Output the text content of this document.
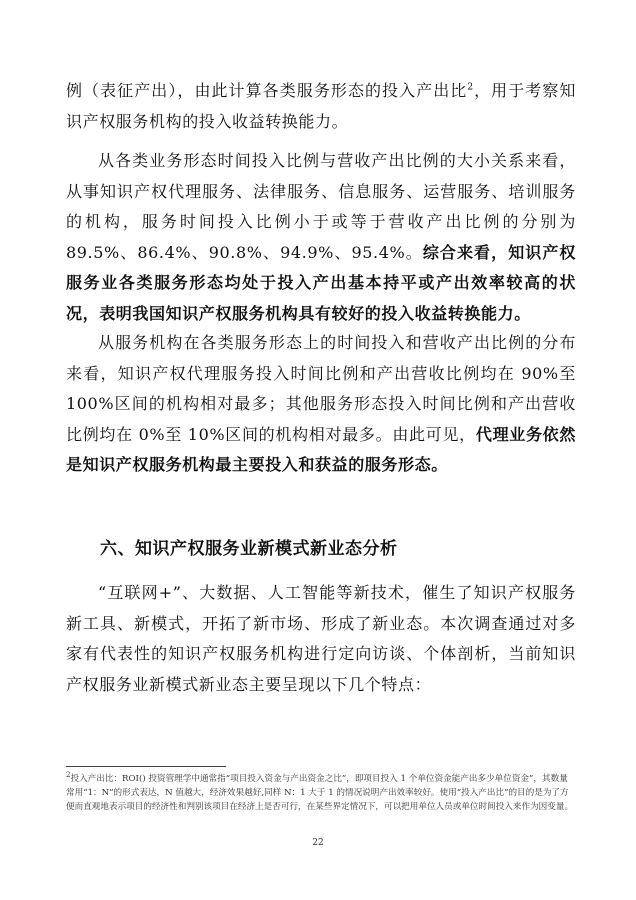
例（表征产出），由此计算各类服务形态的投入产出比$^2$，用于考察知识产权服务机构的投入收益转换能力。

从各类业务形态时间投入比例与营收产出比例的大小关系来看，从事知识产权代理服务、法律服务、信息服务、运营服务、培训服务的机构，服务时间投入比例小于或等于营收产出比例的分别为 89.5%、86.4%、90.8%、94.9%、95.4%。综合来看，知识产权服务业各类服务形态均处于投入产出基本持平或产出效率较高的状况，表明我国知识产权服务机构具有较好的投入收益转换能力。

从服务机构在各类服务形态上的时间投入和营收产出比例的分布来看，知识产权代理服务投入时间比例和产出营收比例均在 90%至 100%区间的机构相对最多；其他服务形态投入时间比例和产出营收比例均在 0%至 10%区间的机构相对最多。由此可见，代理业务依然是知识产权服务机构最主要投入和获益的服务形态。

六、知识产权服务业新模式新业态分析

“互联网+”、大数据、人工智能等新技术，催生了知识产权服务新工具、新模式，开拓了新市场、形成了新业态。本次调查通过对多家有代表性的知识产权服务机构进行定向访谈、个体剖析，当前知识产权服务业新模式新业态主要呈现以下几个特点：

$^2$投入产出比：ROI() 投资管理学中通常指“项目投入资金与产出资金之比”，即项目投入 1 个单位资金能产出多少单位资金”，其数量常用“1：N”的形式表达，N 值越大，经济效果越好,同样 N：1 大于 1 的情况说明产出效率较好。使用“投入产出比”的目的是为了方便而直观地表示项目的经济性和判别该项目在经济上是否可行，在某些界定情况下，可以把用单位人员或单位时间投入来作为因变量。
22
